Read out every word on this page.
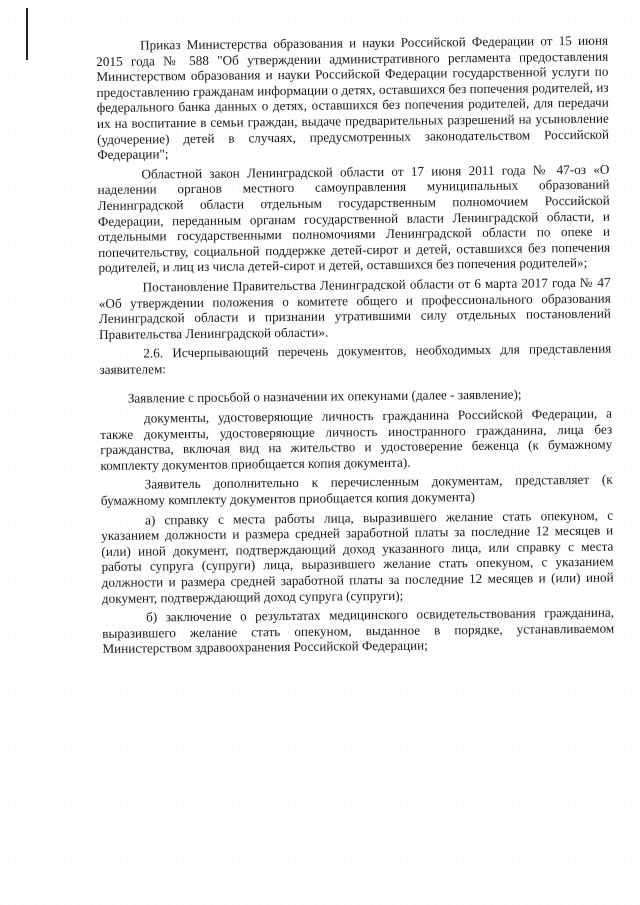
Приказ Министерства образования и науки Российской Федерации от 15 июня 2015 года № 588 "Об утверждении административного регламента предоставления Министерством образования и науки Российской Федерации государственной услуги по предоставлению гражданам информации о детях, оставшихся без попечения родителей, из федерального банка данных о детях, оставшихся без попечения родителей, для передачи их на воспитание в семьи граждан, выдаче предварительных разрешений на усыновление (удочерение) детей в случаях, предусмотренных законодательством Российской Федерации";

Областной закон Ленинградской области от 17 июня 2011 года № 47-оз «О наделении органов местного самоуправления муниципальных образований Ленинградской области отдельным государственным полномочием Российской Федерации, переданным органам государственной власти Ленинградской области, и отдельными государственными полномочиями Ленинградской области по опеке и попечительству, социальной поддержке детей-сирот и детей, оставшихся без попечения родителей, и лиц из числа детей-сирот и детей, оставшихся без попечения родителей»;

Постановление Правительства Ленинградской области от 6 марта 2017 года № 47 «Об утверждении положения о комитете общего и профессионального образования Ленинградской области и признании утратившими силу отдельных постановлений Правительства Ленинградской области».

2.6. Исчерпывающий перечень документов, необходимых для представления заявителем:

Заявление с просьбой о назначении их опекунами (далее - заявление);

документы, удостоверяющие личность гражданина Российской Федерации, а также документы, удостоверяющие личность иностранного гражданина, лица без гражданства, включая вид на жительство и удостоверение беженца (к бумажному комплекту документов приобщается копия документа).

Заявитель дополнительно к перечисленным документам, представляет (к бумажному комплекту документов приобщается копия документа)

а) справку с места работы лица, выразившего желание стать опекуном, с указанием должности и размера средней заработной платы за последние 12 месяцев и (или) иной документ, подтверждающий доход указанного лица, или справку с места работы супруга (супруги) лица, выразившего желание стать опекуном, с указанием должности и размера средней заработной платы за последние 12 месяцев и (или) иной документ, подтверждающий доход супруга (супруги);

б) заключение о результатах медицинского освидетельствования гражданина, выразившего желание стать опекуном, выданное в порядке, устанавливаемом Министерством здравоохранения Российской Федерации;
